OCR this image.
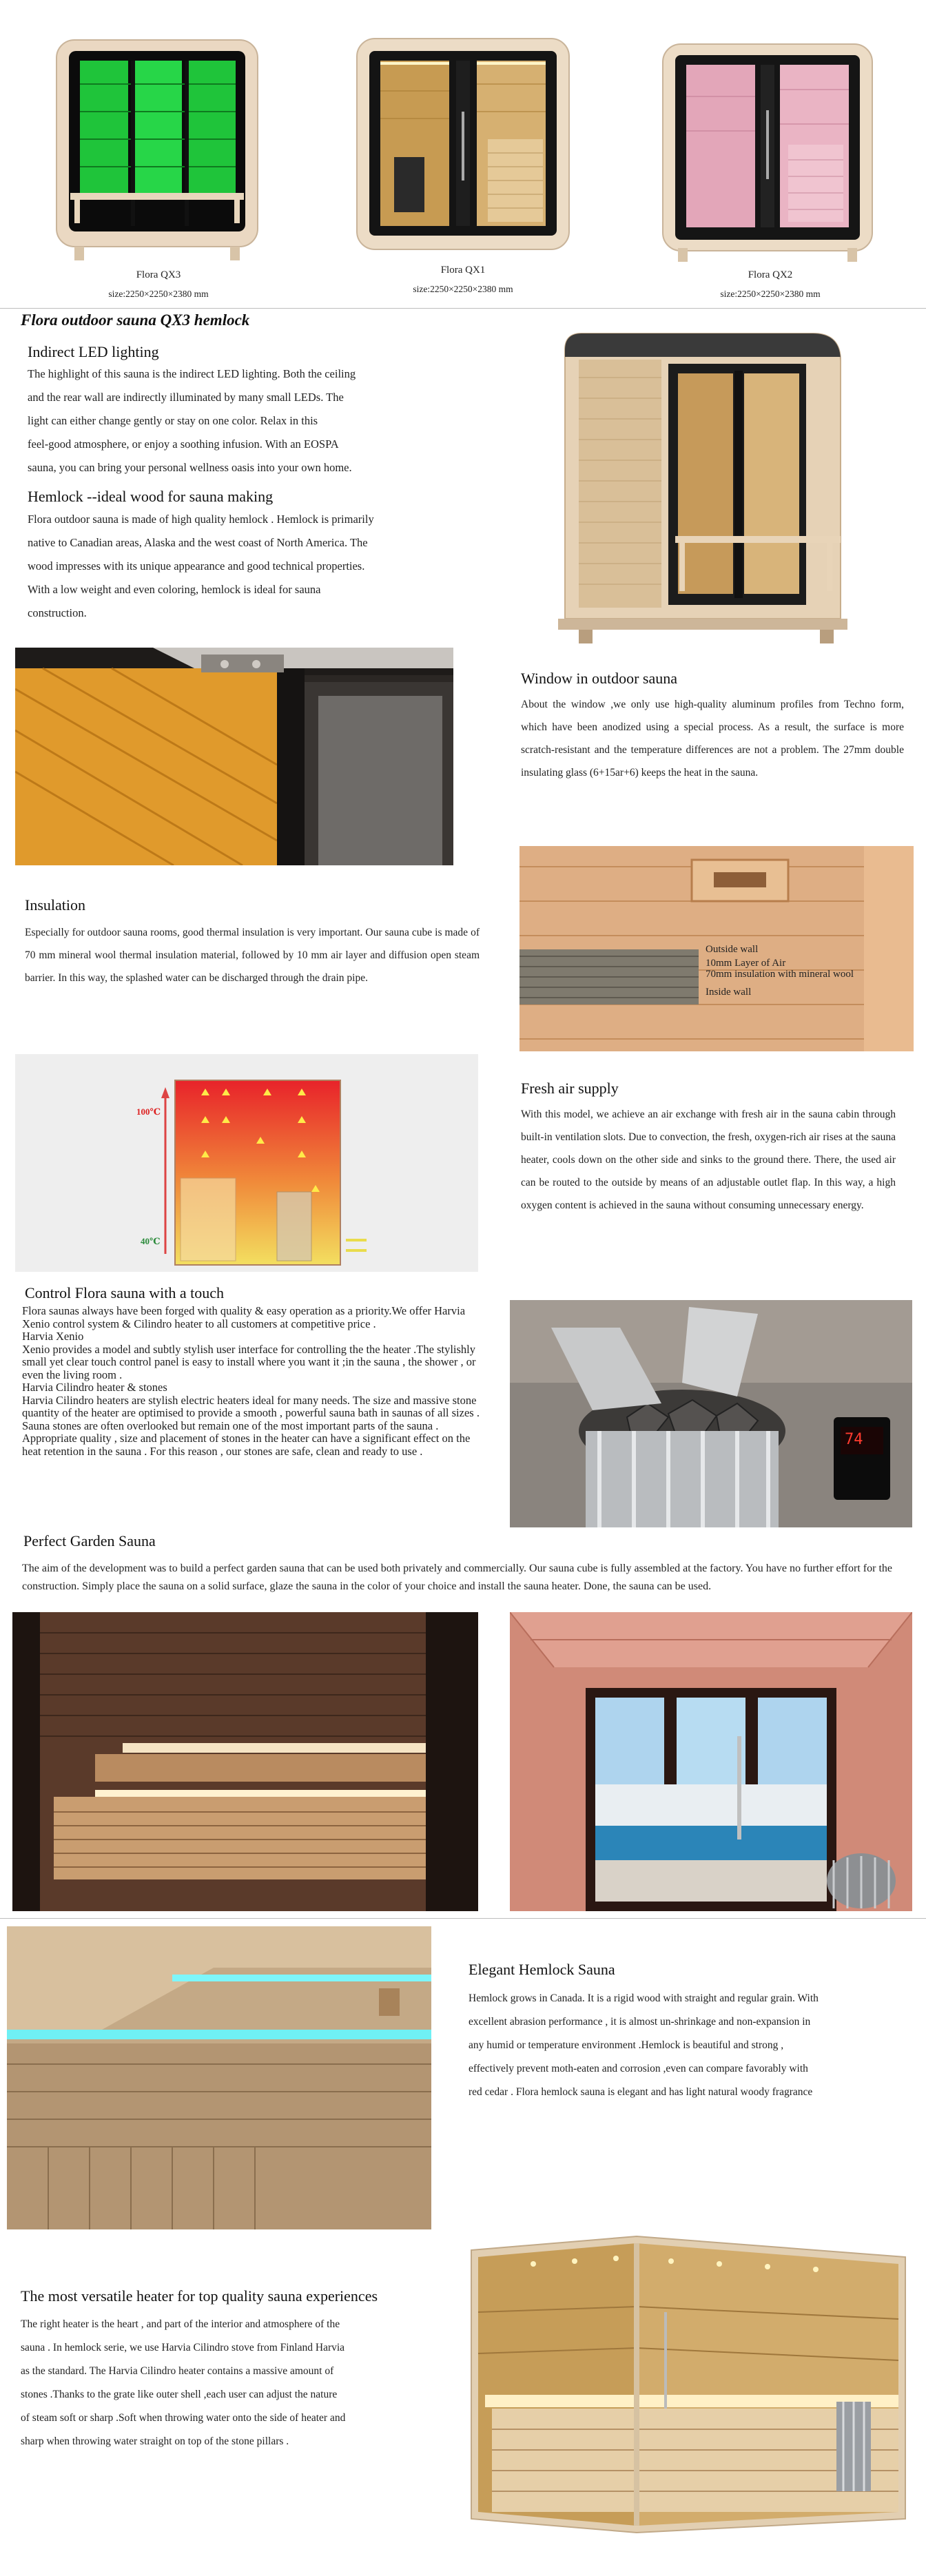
Flora QX3
size:2250×2250×2380 mm
Flora QX1
size:2250×2250×2380 mm
Flora QX2
size:2250×2250×2380 mm
Flora outdoor sauna QX3 hemlock
Indirect LED lighting
The highlight of this sauna is the indirect LED lighting. Both the ceiling
and the rear wall are indirectly illuminated by many small LEDs. The
light can either change gently or stay on one color. Relax in this
feel-good atmosphere, or enjoy a soothing infusion. With an EOSPA
sauna, you can bring your personal wellness oasis into your own home.
Hemlock --ideal wood for sauna making
Flora outdoor sauna is made of high quality hemlock . Hemlock is primarily
native to Canadian areas, Alaska and the west coast of North America. The
wood impresses with its unique appearance and good technical properties.
With a low weight and even coloring, hemlock is ideal for sauna
construction.
Window in outdoor sauna
About the window ,we only use high-quality aluminum profiles from Techno form, which have been anodized using a special process. As a result, the surface is more scratch-resistant and the temperature differences are not a problem. The 27mm double insulating glass (6+15ar+6) keeps the heat in the sauna.
Insulation
Especially for outdoor sauna rooms, good thermal insulation is very important. Our sauna cube is made of 70 mm mineral wool thermal insulation material, followed by 10 mm air layer and diffusion open steam barrier. In this way, the splashed water can be discharged through the drain pipe.
Outside wall
10mm Layer of Air
70mm insulation with mineral wool
Inside wall
100℃
40℃
Fresh air supply
With this model, we achieve an air exchange with fresh air in the sauna cabin through built-in ventilation slots. Due to convection, the fresh, oxygen-rich air rises at the sauna heater, cools down on the other side and sinks to the ground there. There, the used air can be routed to the outside by means of an adjustable outlet flap. In this way, a high oxygen content is achieved in the sauna without consuming unnecessary energy.
Control Flora sauna with a touch
Flora saunas always have been forged with quality & easy operation as a priority.We offer Harvia Xenio control system & Cilindro heater to all customers at competitive price .
Harvia Xenio
Xenio provides a model and subtly stylish user interface for controlling the the heater .The stylishly small yet clear touch control panel is easy to install where you want it ;in the sauna , the shower , or even the living room .
Harvia Cilindro heater & stones
Harvia Cilindro heaters are stylish electric heaters ideal for many needs. The size and massive stone quantity of the heater are optimised to provide a smooth , powerful sauna bath in saunas of all sizes .
Sauna stones are often overlooked but remain one of the most important parts of the sauna .
Appropriate quality , size and placement of stones in the heater can have a significant effect on the heat retention in the sauna . For this reason , our stones are safe, clean and ready to use .
74
Perfect Garden Sauna
The aim of the development was to build a perfect garden sauna that can be used both privately and commercially. Our sauna cube is fully assembled at the factory. You have no further effort for the construction. Simply place the sauna on a solid surface, glaze the sauna in the color of your choice and install the sauna heater. Done, the sauna can be used.
Elegant Hemlock Sauna
Hemlock grows in Canada. It is a rigid wood with straight and regular grain. With
excellent abrasion performance , it is almost un-shrinkage and non-expansion in
any humid or temperature environment .Hemlock is beautiful and strong ,
effectively prevent moth-eaten and corrosion ,even can compare favorably with
red cedar . Flora hemlock sauna is elegant and has light natural woody fragrance
The most versatile heater for top quality sauna experiences
The right heater is the heart , and part of the interior and atmosphere of the
sauna . In hemlock serie, we use Harvia Cilindro stove from Finland Harvia
as the standard. The Harvia Cilindro heater contains a massive amount of
stones .Thanks to the grate like outer shell ,each user can adjust the nature
of steam soft or sharp .Soft when throwing water onto the side of heater and
sharp when throwing water straight on top of the stone pillars .
